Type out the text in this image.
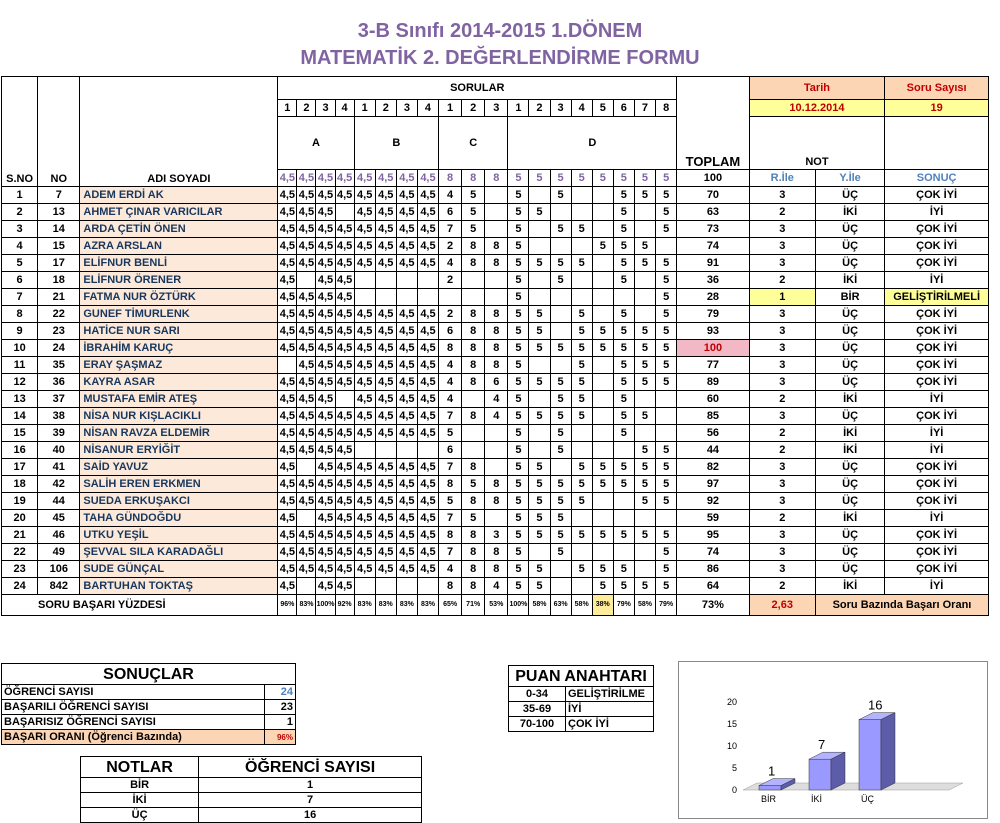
3-B Sınıfı 2014-2015 1.DÖNEM
MATEMATİK 2. DEĞERLENDİRME FORMU
S.NO	NO	ADI SOYADI	SORULAR																			TOPLAM	Tarih		Soru Sayısı
			1	2	3	4	1	2	3	4	1	2	3	1	2	3	4	5	6	7	8		10.12.2014		19
			A				B				C			D									NOT		
			4,5	4,5	4,5	4,5	4,5	4,5	4,5	4,5	8	8	8	5	5	5	5	5	5	5	5	100	R.İle	Y.İle	SONUÇ
1	7	ADEM ERDİ AK	4,5	4,5	4,5	4,5	4,5	4,5	4,5	4,5	4	5		5		5			5	5	5	70	3	ÜÇ	ÇOK İYİ
2	13	AHMET ÇINAR VARICILAR	4,5	4,5	4,5		4,5	4,5	4,5	4,5	6	5		5	5				5		5	63	2	İKİ	İYİ
3	14	ARDA ÇETİN ÖNEN	4,5	4,5	4,5	4,5	4,5	4,5	4,5	4,5	7	5		5		5	5		5		5	73	3	ÜÇ	ÇOK İYİ
4	15	AZRA ARSLAN	4,5	4,5	4,5	4,5	4,5	4,5	4,5	4,5	2	8	8	5				5	5	5		74	3	ÜÇ	ÇOK İYİ
5	17	ELİFNUR BENLİ	4,5	4,5	4,5	4,5	4,5	4,5	4,5	4,5	4	8	8	5	5	5	5		5	5	5	91	3	ÜÇ	ÇOK İYİ
6	18	ELİFNUR ÖRENER	4,5		4,5	4,5					2			5		5			5		5	36	2	İKİ	İYİ
7	21	FATMA NUR ÖZTÜRK	4,5	4,5	4,5	4,5								5							5	28	1	BİR	GELİŞTİRİLMELİ
8	22	GUNEF TİMURLENK	4,5	4,5	4,5	4,5	4,5	4,5	4,5	4,5	2	8	8	5	5		5		5		5	79	3	ÜÇ	ÇOK İYİ
9	23	HATİCE NUR SARI	4,5	4,5	4,5	4,5	4,5	4,5	4,5	4,5	6	8	8	5	5		5	5	5	5	5	93	3	ÜÇ	ÇOK İYİ
10	24	İBRAHİM KARUÇ	4,5	4,5	4,5	4,5	4,5	4,5	4,5	4,5	8	8	8	5	5	5	5	5	5	5	5	100	3	ÜÇ	ÇOK İYİ
11	35	ERAY ŞAŞMAZ		4,5	4,5	4,5	4,5	4,5	4,5	4,5	4	8	8	5			5		5	5	5	77	3	ÜÇ	ÇOK İYİ
12	36	KAYRA ASAR	4,5	4,5	4,5	4,5	4,5	4,5	4,5	4,5	4	8	6	5	5	5	5		5	5	5	89	3	ÜÇ	ÇOK İYİ
13	37	MUSTAFA EMİR ATEŞ	4,5	4,5	4,5		4,5	4,5	4,5	4,5	4		4	5		5	5		5			60	2	İKİ	İYİ
14	38	NİSA NUR KIŞLACIKLI	4,5	4,5	4,5	4,5	4,5	4,5	4,5	4,5	7	8	4	5	5	5	5		5	5		85	3	ÜÇ	ÇOK İYİ
15	39	NİSAN RAVZA ELDEMİR	4,5	4,5	4,5	4,5	4,5	4,5	4,5	4,5	5			5		5			5			56	2	İKİ	İYİ
16	40	NİSANUR ERYİĞİT	4,5	4,5	4,5	4,5					6			5		5				5	5	44	2	İKİ	İYİ
17	41	SAİD YAVUZ	4,5		4,5	4,5	4,5	4,5	4,5	4,5	7	8		5	5		5	5	5	5	5	82	3	ÜÇ	ÇOK İYİ
18	42	SALİH EREN ERKMEN	4,5	4,5	4,5	4,5	4,5	4,5	4,5	4,5	8	5	8	5	5	5	5	5	5	5	5	97	3	ÜÇ	ÇOK İYİ
19	44	SUEDA ERKUŞAKCI	4,5	4,5	4,5	4,5	4,5	4,5	4,5	4,5	5	8	8	5	5	5	5			5	5	92	3	ÜÇ	ÇOK İYİ
20	45	TAHA GÜNDOĞDU	4,5		4,5	4,5	4,5	4,5	4,5	4,5	7	5		5	5	5						59	2	İKİ	İYİ
21	46	UTKU YEŞİL	4,5	4,5	4,5	4,5	4,5	4,5	4,5	4,5	8	8	3	5	5	5	5	5	5	5	5	95	3	ÜÇ	ÇOK İYİ
22	49	ŞEVVAL SILA KARADAĞLI	4,5	4,5	4,5	4,5	4,5	4,5	4,5	4,5	7	8	8	5		5					5	74	3	ÜÇ	ÇOK İYİ
23	106	SUDE GÜNÇAL	4,5	4,5	4,5	4,5	4,5	4,5	4,5	4,5	4	8	8	5	5		5	5	5		5	86	3	ÜÇ	ÇOK İYİ
24	842	BARTUHAN TOKTAŞ	4,5		4,5	4,5					8	8	4	5	5			5	5	5	5	64	2	İKİ	İYİ
SORU BAŞARI YÜZDESİ			96%	83%	100%	92%	83%	83%	83%	83%	65%	71%	53%	100%	58%	63%	58%	38%	79%	58%	79%	73%	2,63	Soru Bazında Başarı Oranı	
SONUÇLAR	
ÖĞRENCİ SAYISI	24
BAŞARILI ÖĞRENCİ SAYISI	23
BAŞARISIZ ÖĞRENCİ SAYISI	1
BAŞARI ORANI (Öğrenci Bazında)	96%
PUAN ANAHTARI	
0-34	GELİŞTİRİLME
35-69	İYİ
70-100	ÇOK İYİ
NOTLAR	ÖĞRENCİ SAYISI
BİR	1
İKİ	7
ÜÇ	16
0
5
10
15
20
1
BİR
7
İKİ
16
ÜÇ
